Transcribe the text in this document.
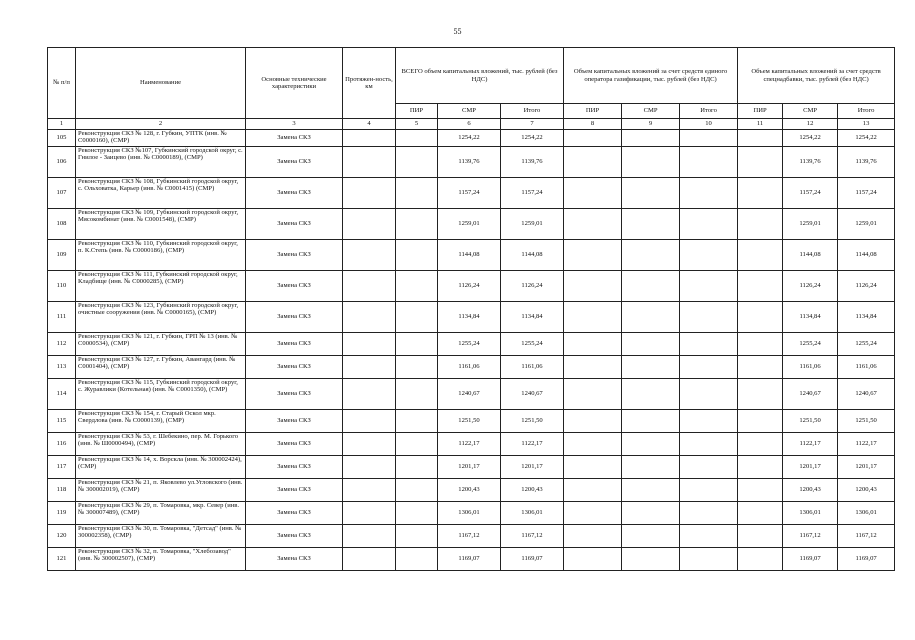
55
№ п/п	Наименование	Основные технические характеристики	Протяжен-ность, км	ВСЕГО объем капитальных вложений, тыс. рублей (без НДС)			Объем капитальных вложений за счет средств единого оператора газификации, тыс. рублей (без НДС)			Объем капитальных вложений за счет средств спецнадбавки, тыс. рублей (без НДС)		
				ПИР	СМР	Итого	ПИР	СМР	Итого	ПИР	СМР	Итого
1	2	3	4	5	6	7	8	9	10	11	12	13
105	Реконструкция СКЗ № 128, г. Губкин, УПТК (инв. № С0000160), (СМР)	Замена СКЗ			1254,22	1254,22					1254,22	1254,22
106	Реконструкция СКЗ №107, Губкинский городской округ, с. Гнилое - Заицево (инв. № С0000189), (СМР)	Замена СКЗ			1139,76	1139,76					1139,76	1139,76
107	Реконструкция СКЗ № 108, Губкинский городской округ, с. Ольховатка, Карьер (инв. № С0001415) (СМР)	Замена СКЗ			1157,24	1157,24					1157,24	1157,24
108	Реконструкция СКЗ № 109, Губкинский городской округ, Мясокомбинат (инв. № С0001548), (СМР)	Замена СКЗ			1259,01	1259,01					1259,01	1259,01
109	Реконструкция СКЗ № 110, Губкинский городской округ, п. К.Степь (инв. № С0000186), (СМР)	Замена СКЗ			1144,08	1144,08					1144,08	1144,08
110	Реконструкция СКЗ № 111, Губкинский городской округ, Кладбище (инв. № С0000285), (СМР)	Замена СКЗ			1126,24	1126,24					1126,24	1126,24
111	Реконструкция СКЗ № 123, Губкинский городской округ, очистные сооружения (инв. № С0000165), (СМР)	Замена СКЗ			1134,84	1134,84					1134,84	1134,84
112	Реконструкция СКЗ № 121, г. Губкин, ГРП № 13 (инв. № С0000534), (СМР)	Замена СКЗ			1255,24	1255,24					1255,24	1255,24
113	Реконструкция СКЗ № 127, г. Губкин, Авангард (инв. № С0001404), (СМР)	Замена СКЗ			1161,06	1161,06					1161,06	1161,06
114	Реконструкция СКЗ № 115, Губкинский городской округ, с. Журавлики (Котельная) (инв. № С0001350), (СМР)	Замена СКЗ			1240,67	1240,67					1240,67	1240,67
115	Реконструкция СКЗ № 154, г. Старый Оскол мкр. Свердлова (инв. № С0000139), (СМР)	Замена СКЗ			1251,50	1251,50					1251,50	1251,50
116	Реконструкция СКЗ № 53, г. Шебекино, пер. М. Горького (инв. № Ш0000494), (СМР)	Замена СКЗ			1122,17	1122,17					1122,17	1122,17
117	Реконструкция СКЗ № 14, х. Ворскла (инв. № 300002424), (СМР)	Замена СКЗ			1201,17	1201,17					1201,17	1201,17
118	Реконструкция СКЗ № 21, п. Яковлево ул.Угловского (инв. № 300002019), (СМР)	Замена СКЗ			1200,43	1200,43					1200,43	1200,43
119	Реконструкция СКЗ № 29, п. Томаровка, мкр. Север (инв. № 300007489), (СМР)	Замена СКЗ			1306,01	1306,01					1306,01	1306,01
120	Реконструкция СКЗ № 30, п. Томаровка, "Детсад" (инв. № 300002358), (СМР)	Замена СКЗ			1167,12	1167,12					1167,12	1167,12
121	Реконструкция СКЗ № 32, п. Томаровка, "Хлебозавод" (инв. № 300002507), (СМР)	Замена СКЗ			1169,07	1169,07					1169,07	1169,07
